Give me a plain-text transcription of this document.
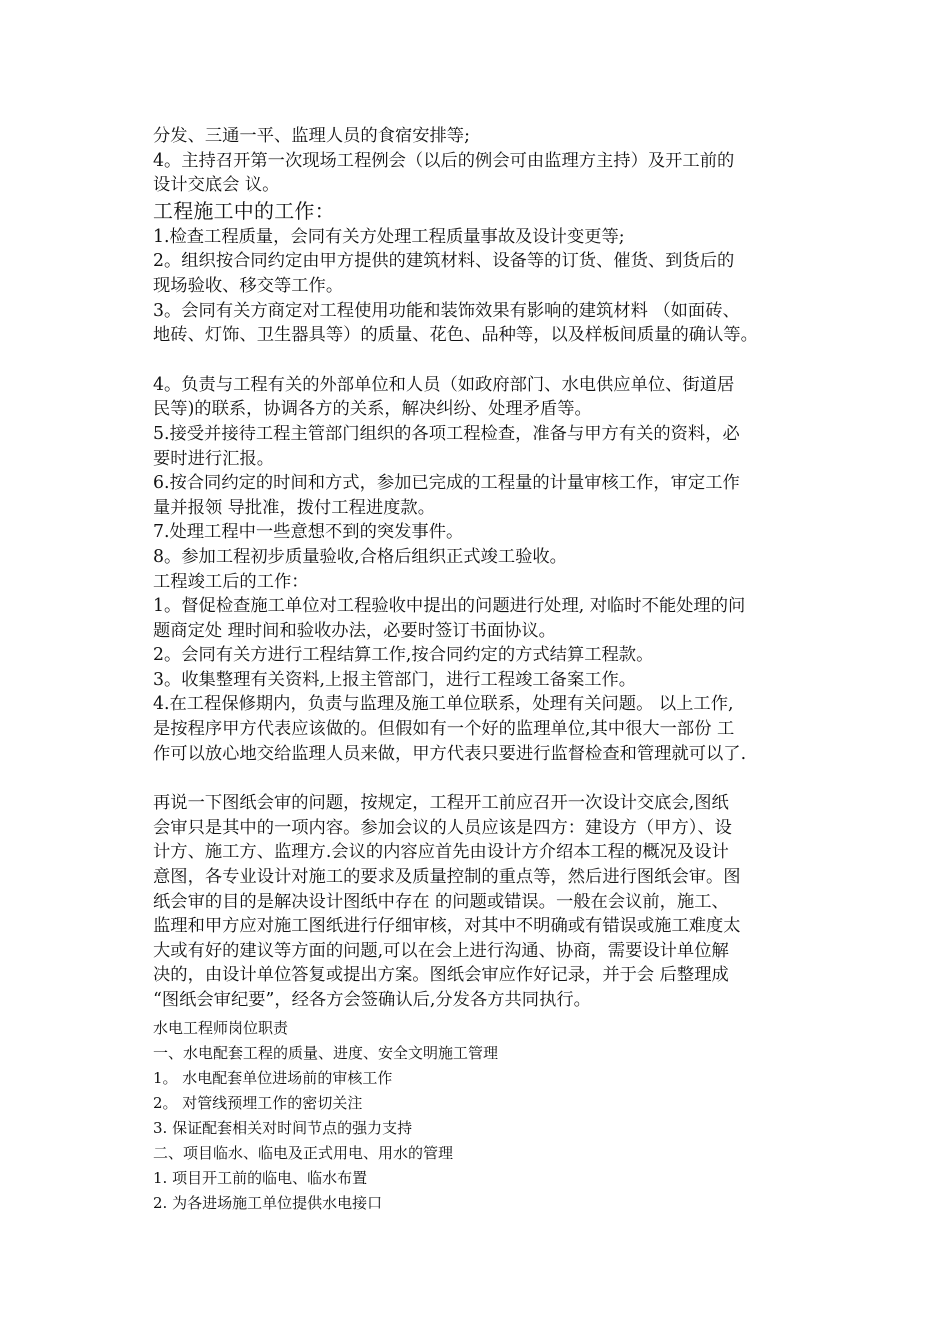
分发、三通一平、监理人员的食宿安排等;

4。主持召开第一次现场工程例会（以后的例会可由监理方主持）及开工前的

设计交底会 议。

工程施工中的工作：

1.检查工程质量，会同有关方处理工程质量事故及设计变更等;

2。组织按合同约定由甲方提供的建筑材料、设备等的订货、催货、到货后的

现场验收、移交等工作。

3。会同有关方商定对工程使用功能和装饰效果有影响的建筑材料 （如面砖、

地砖、灯饰、卫生器具等）的质量、花色、品种等，以及样板间质量的确认等。

4。负责与工程有关的外部单位和人员（如政府部门、水电供应单位、街道居

民等)的联系，协调各方的关系，解决纠纷、处理矛盾等。

5.接受并接待工程主管部门组织的各项工程检查，准备与甲方有关的资料，必

要时进行汇报。

6.按合同约定的时间和方式，参加已完成的工程量的计量审核工作，审定工作

量并报领 导批准，拨付工程进度款。

7.处理工程中一些意想不到的突发事件。

8。参加工程初步质量验收,合格后组织正式竣工验收。

工程竣工后的工作：

1。督促检查施工单位对工程验收中提出的问题进行处理, 对临时不能处理的问

题商定处 理时间和验收办法，必要时签订书面协议。

2。会同有关方进行工程结算工作,按合同约定的方式结算工程款。

3。收集整理有关资料,上报主管部门，进行工程竣工备案工作。

4.在工程保修期内，负责与监理及施工单位联系，处理有关问题。 以上工作,

是按程序甲方代表应该做的。但假如有一个好的监理单位,其中很大一部份 工

作可以放心地交给监理人员来做，甲方代表只要进行监督检查和管理就可以了.

再说一下图纸会审的问题，按规定，工程开工前应召开一次设计交底会,图纸

会审只是其中的一项内容。参加会议的人员应该是四方：建设方（甲方）、设

计方、施工方、监理方.会议的内容应首先由设计方介绍本工程的概况及设计

意图，各专业设计对施工的要求及质量控制的重点等，然后进行图纸会审。图

纸会审的目的是解决设计图纸中存在 的问题或错误。一般在会议前，施工、

监理和甲方应对施工图纸进行仔细审核，对其中不明确或有错误或施工难度太

大或有好的建议等方面的问题,可以在会上进行沟通、协商，需要设计单位解

决的，由设计单位答复或提出方案。图纸会审应作好记录，并于会 后整理成

“图纸会审纪要”，经各方会签确认后,分发各方共同执行。

水电工程师岗位职责

一、水电配套工程的质量、进度、安全文明施工管理

1。 水电配套单位进场前的审核工作

2。 对管线预埋工作的密切关注

3. 保证配套相关对时间节点的强力支持

二、项目临水、临电及正式用电、用水的管理

1. 项目开工前的临电、临水布置

2. 为各进场施工单位提供水电接口
